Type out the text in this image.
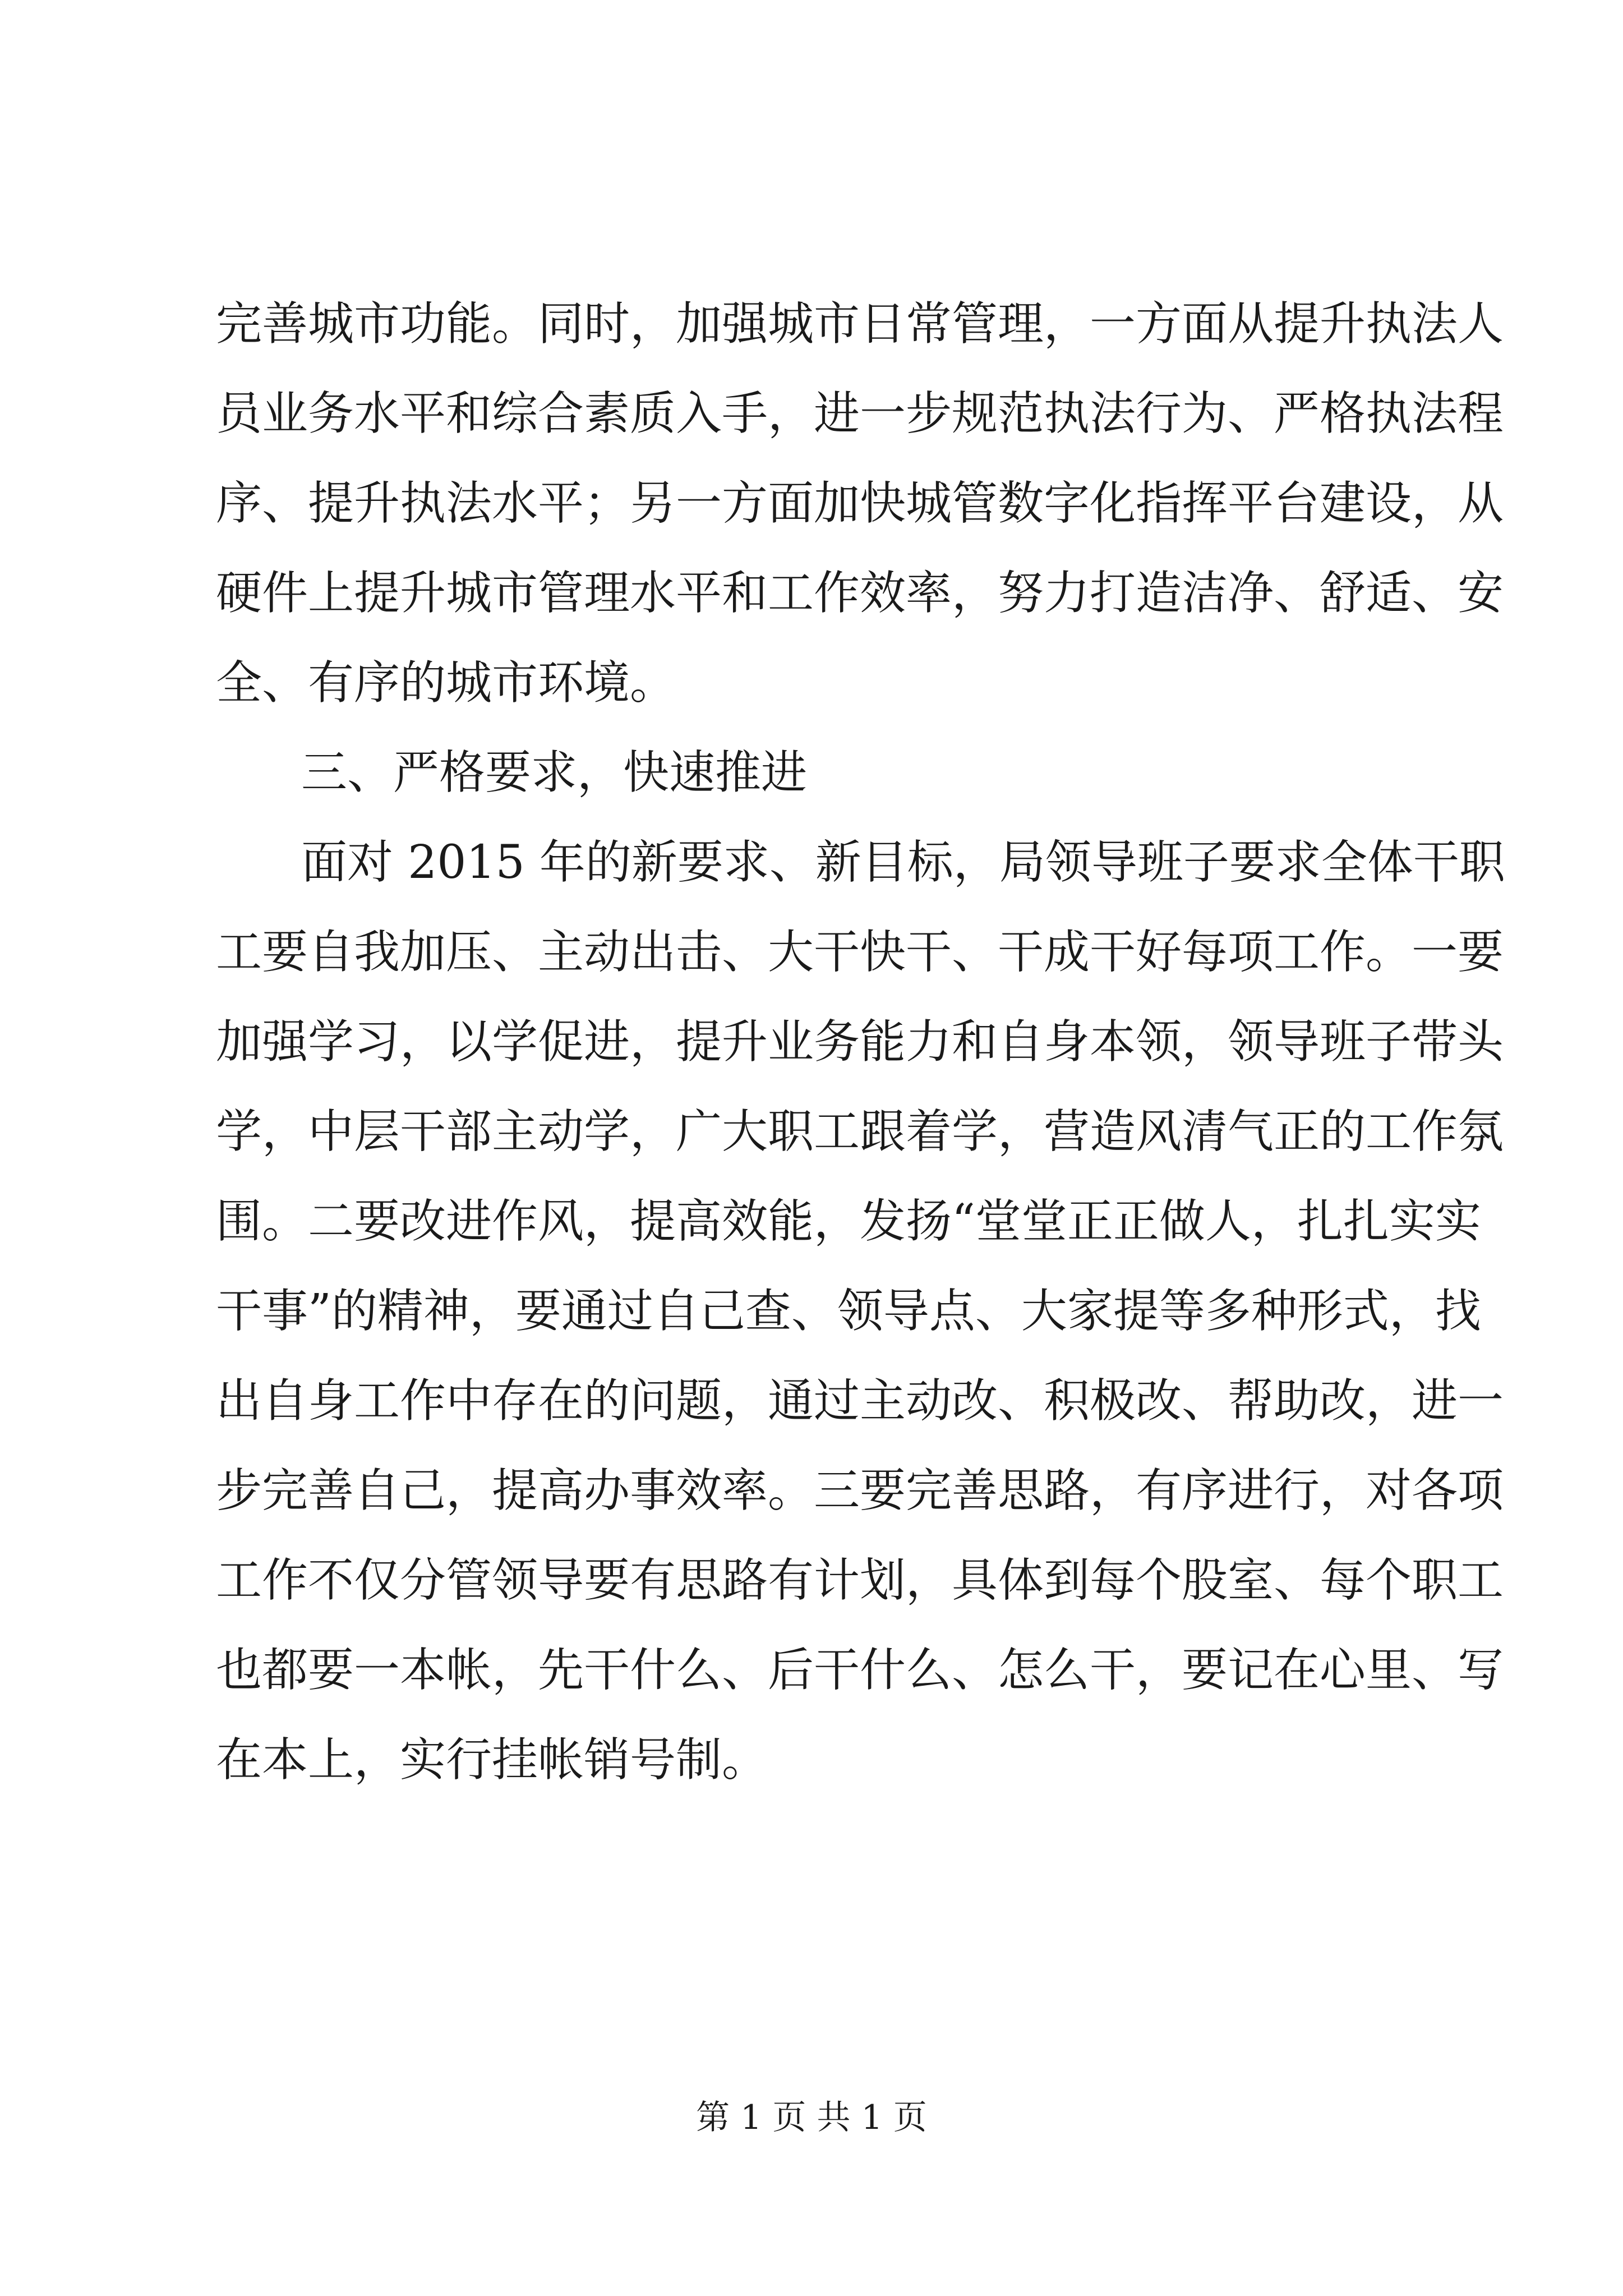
完善城市功能。同时，加强城市日常管理，一方面从提升执法人
员业务水平和综合素质入手，进一步规范执法行为、严格执法程
序、提升执法水平；另一方面加快城管数字化指挥平台建设，从
硬件上提升城市管理水平和工作效率，努力打造洁净、舒适、安
全、有序的城市环境。
三、严格要求，快速推进
面对 2015 年的新要求、新目标，局领导班子要求全体干职
工要自我加压、主动出击、大干快干、干成干好每项工作。一要
加强学习，以学促进，提升业务能力和自身本领，领导班子带头
学，中层干部主动学，广大职工跟着学，营造风清气正的工作氛
围。二要改进作风，提高效能，发扬“堂堂正正做人，扎扎实实
干事”的精神，要通过自己查、领导点、大家提等多种形式，找
出自身工作中存在的问题，通过主动改、积极改、帮助改，进一
步完善自己，提高办事效率。三要完善思路，有序进行，对各项
工作不仅分管领导要有思路有计划，具体到每个股室、每个职工
也都要一本帐，先干什么、后干什么、怎么干，要记在心里、写
在本上，实行挂帐销号制。
第 1 页 共 1 页
